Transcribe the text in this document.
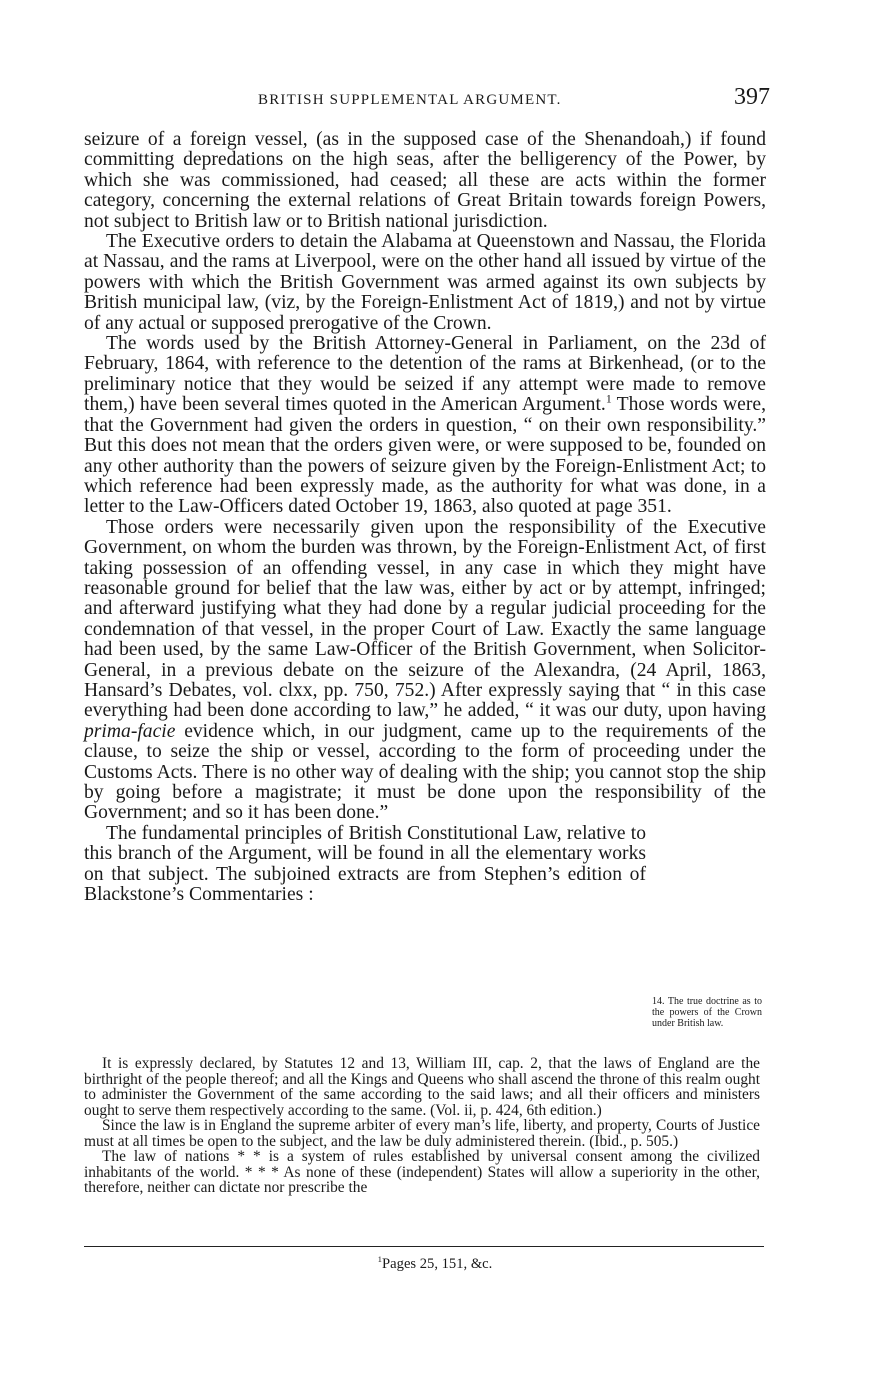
BRITISH SUPPLEMENTAL ARGUMENT.	397

seizure of a foreign vessel, (as in the supposed case of the Shenandoah,) if found committing depredations on the high seas, after the belligerency of the Power, by which she was commissioned, had ceased; all these are acts within the former category, concerning the external relations of Great Britain towards foreign Powers, not subject to British law or to British national jurisdiction.

The Executive orders to detain the Alabama at Queenstown and Nassau, the Florida at Nassau, and the rams at Liverpool, were on the other hand all issued by virtue of the powers with which the British Government was armed against its own subjects by British municipal law, (viz, by the Foreign-Enlistment Act of 1819,) and not by virtue of any actual or supposed prerogative of the Crown.

The words used by the British Attorney-General in Parliament, on the 23d of February, 1864, with reference to the detention of the rams at Birkenhead, (or to the preliminary notice that they would be seized if any attempt were made to remove them,) have been several times quoted in the American Argument.$^1$ Those words were, that the Government had given the orders in question, “ on their own responsibility.” But this does not mean that the orders given were, or were supposed to be, founded on any other authority than the powers of seizure given by the Foreign-Enlistment Act; to which reference had been expressly made, as the authority for what was done, in a letter to the Law-Officers dated October 19, 1863, also quoted at page 351.

Those orders were necessarily given upon the responsibility of the Executive Government, on whom the burden was thrown, by the Foreign-Enlistment Act, of first taking possession of an offending vessel, in any case in which they might have reasonable ground for belief that the law was, either by act or by attempt, infringed; and afterward justifying what they had done by a regular judicial proceeding for the condemnation of that vessel, in the proper Court of Law. Exactly the same language had been used, by the same Law-Officer of the British Government, when Solicitor-General, in a previous debate on the seizure of the Alexandra, (24 April, 1863, Hansard’s Debates, vol. clxx, pp. 750, 752.) After expressly saying that “ in this case everything had been done according to law,” he added, “ it was our duty, upon having prima-facie evidence which, in our judgment, came up to the requirements of the clause, to seize the ship or vessel, according to the form of proceeding under the Customs Acts. There is no other way of dealing with the ship; you cannot stop the ship by going before a magistrate; it must be done upon the responsibility of the Government; and so it has been done.”

The fundamental principles of British Constitutional Law, relative to this branch of the Argument, will be found in all the elementary works on that subject. The subjoined extracts are from Stephen’s edition of Blackstone’s Commentaries :

14. The true doctrine as to the powers of the Crown under British law.

It is expressly declared, by Statutes 12 and 13, William III, cap. 2, that the laws of England are the birthright of the people thereof; and all the Kings and Queens who shall ascend the throne of this realm ought to administer the Government of the same according to the said laws; and all their officers and ministers ought to serve them respectively according to the same. (Vol. ii, p. 424, 6th edition.)

Since the law is in England the supreme arbiter of every man’s life, liberty, and property, Courts of Justice must at all times be open to the subject, and the law be duly administered therein. (Ibid., p. 505.)

The law of nations * * is a system of rules established by universal consent among the civilized inhabitants of the world. * * * As none of these (independent) States will allow a superiority in the other, therefore, neither can dictate nor prescribe the

$^1$Pages 25, 151, &c.
